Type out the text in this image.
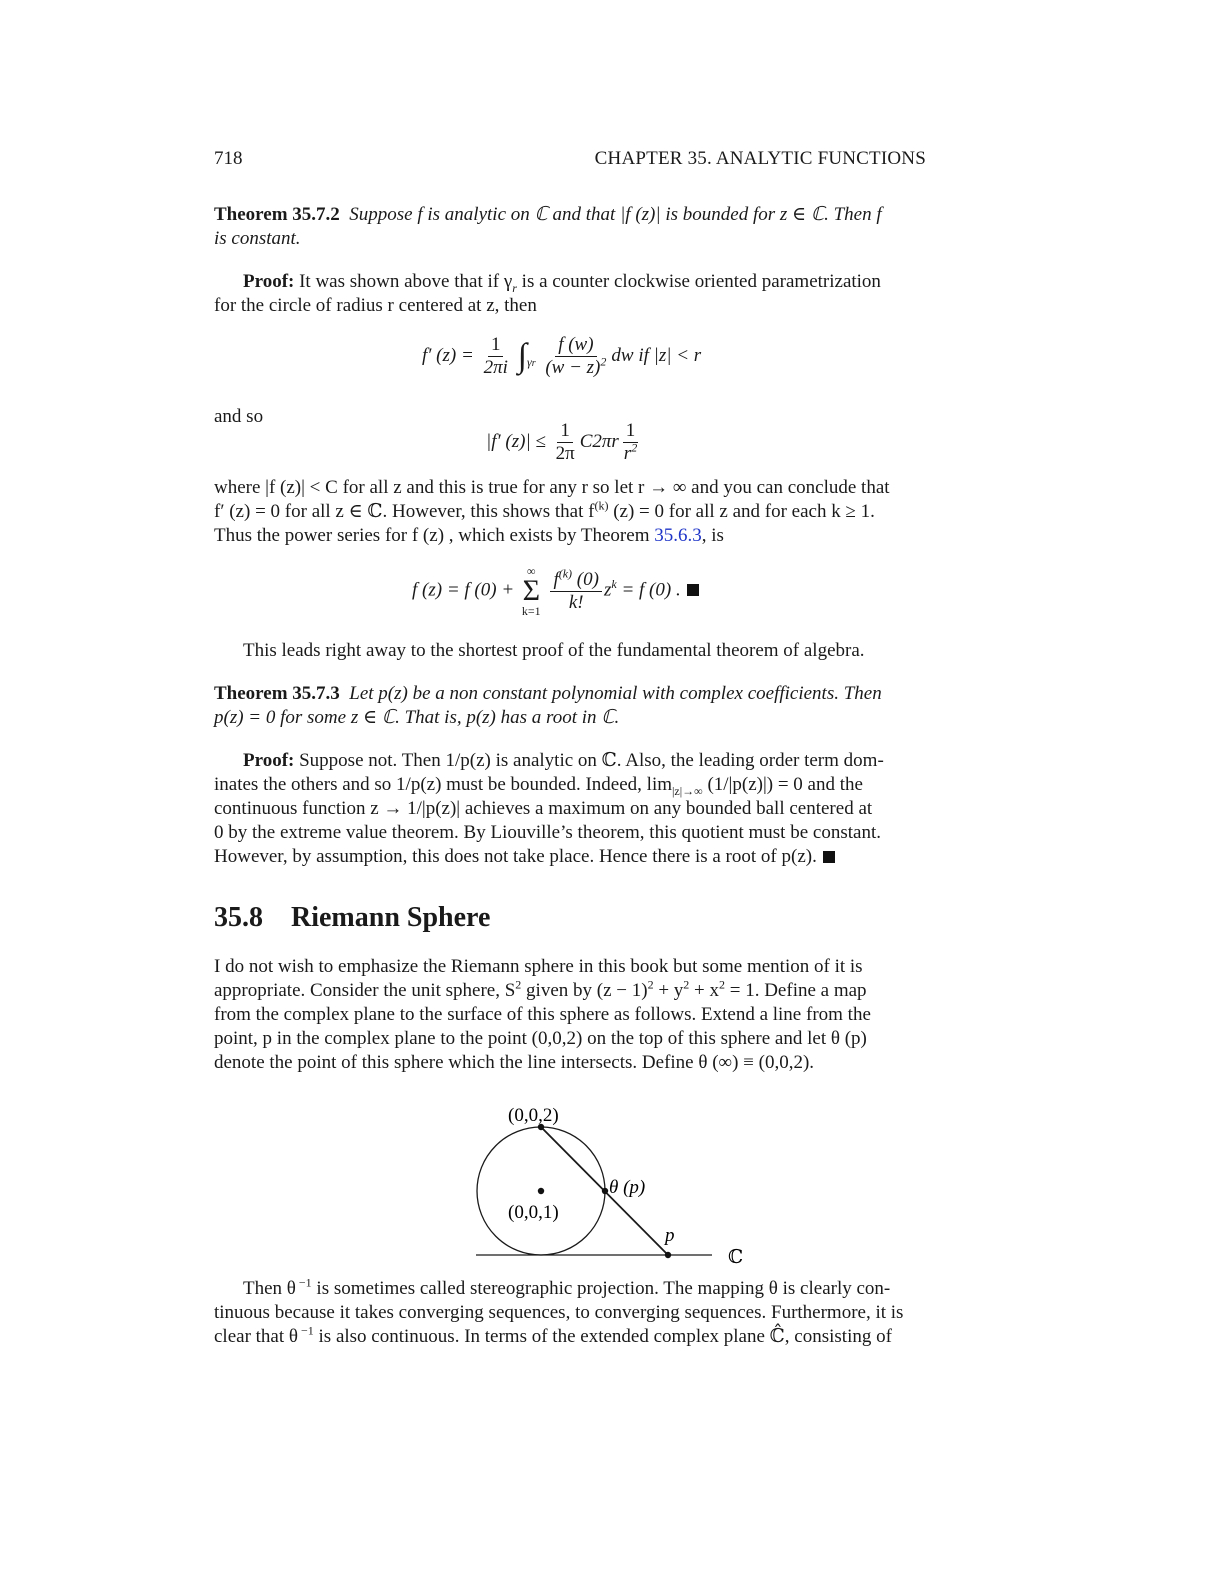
718	CHAPTER 35. ANALYTIC FUNCTIONS
Theorem 35.7.2 Suppose f is analytic on ℂ and that |f (z)| is bounded for z ∈ ℂ. Then f
is constant.
Proof: It was shown above that if $\gamma_r$ is a counter clockwise oriented parametrization
for the circle of radius r centered at z, then
f′ $(z) = \frac{1}{2\pi i} \int_{\gamma r} \frac{f (w)}{(w - z)^2}$ dw if |z| < r
and so
|f′ $(z)| \le \frac{1}{2\pi} C2\pi r \frac{1}{r^2}$
where |f (z)| < C for all z and this is true for any r so let r → ∞ and you can conclude that
f′ (z) = 0 for all z ∈ ℂ. However, this shows that $f^{(k)}$ (z) = 0 for all z and for each k ≥ 1.
Thus the power series for f (z) , which exists by Theorem 35.6.3, is
f (z) = f (0) +
∞
Σ
k=1
$\frac{f^{(k)} (0)}{k!} z^k = f$ (0) .
This leads right away to the shortest proof of the fundamental theorem of algebra.
Theorem 35.7.3 Let p(z) be a non constant polynomial with complex coefficients. Then
p(z) = 0 for some z ∈ ℂ. That is, p(z) has a root in ℂ.
Proof: Suppose not. Then 1/p(z) is analytic on ℂ. Also, the leading order term dom-
inates the others and so 1/p(z) must be bounded. Indeed, $\lim_{|z|\to\infty} (1/|p(z)|) = 0$ and the
continuous function z → 1/|p(z)| achieves a maximum on any bounded ball centered at
0 by the extreme value theorem. By Liouville’s theorem, this quotient must be constant.
However, by assumption, this does not take place. Hence there is a root of p(z).
35.8 Riemann Sphere
I do not wish to emphasize the Riemann sphere in this book but some mention of it is
appropriate. Consider the unit sphere, $S^2$ given by $(z - 1)^2 + y^2 + x^2 = 1$. Define a map
from the complex plane to the surface of this sphere as follows. Extend a line from the
point, p in the complex plane to the point (0,0,2) on the top of this sphere and let θ (p)
denote the point of this sphere which the line intersects. Define θ (∞) ≡ (0,0,2).
(0,0,2)
(0,0,1)
θ (p)
p
ℂ
Then θ $^{-1}$ is sometimes called stereographic projection. The mapping θ is clearly con-
tinuous because it takes converging sequences, to converging sequences. Furthermore, it is
clear that θ $^{-1}$ is also continuous. In terms of the extended complex plane ℂ̂, consisting of
